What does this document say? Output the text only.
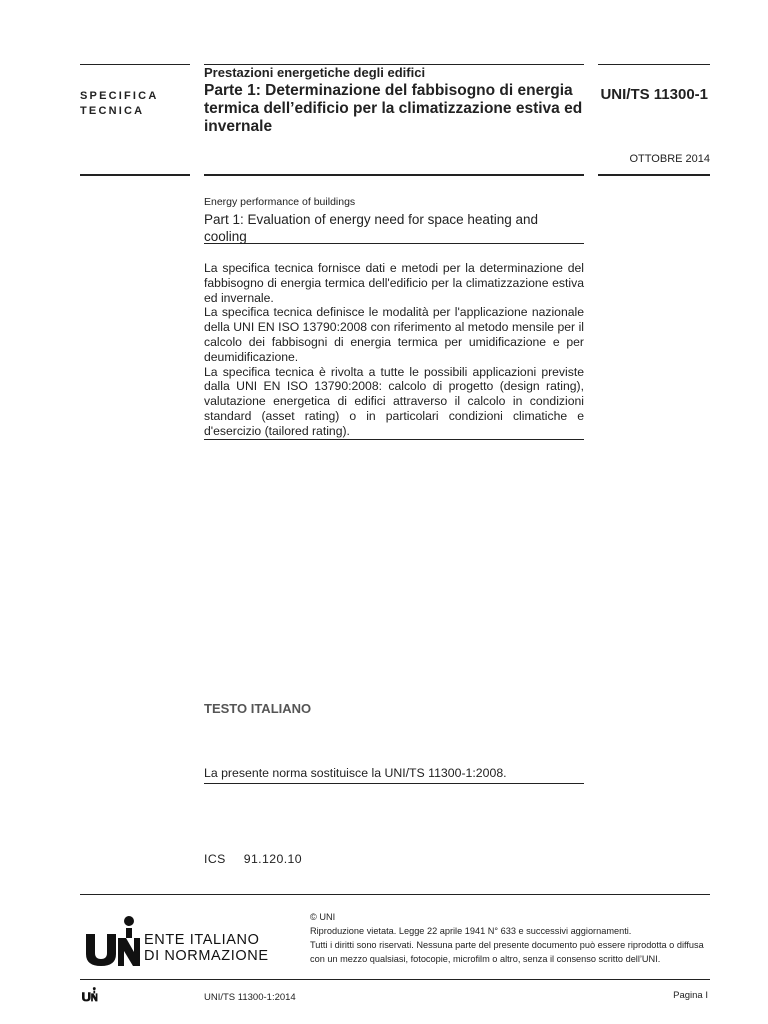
SPECIFICA
TECNICA
Prestazioni energetiche degli edifici
Parte 1: Determinazione del fabbisogno di energia termica dell’edificio per la climatizzazione estiva ed invernale
UNI/TS 11300-1
OTTOBRE 2014
Energy performance of buildings
Part 1: Evaluation of energy need for space heating and cooling

La specifica tecnica fornisce dati e metodi per la determinazione del fabbisogno di energia termica dell'edificio per la climatizzazione estiva ed invernale.

La specifica tecnica definisce le modalità per l'applicazione nazionale della UNI EN ISO 13790:2008 con riferimento al metodo mensile per il calcolo dei fabbisogni di energia termica per umidificazione e per deumidificazione.

La specifica tecnica è rivolta a tutte le possibili applicazioni previste dalla UNI EN ISO 13790:2008: calcolo di progetto (design rating), valutazione energetica di edifici attraverso il calcolo in condizioni standard (asset rating) o in particolari condizioni climatiche e d'esercizio (tailored rating).

TESTO ITALIANO
La presente norma sostituisce la UNI/TS 11300-1:2008.
ICS 91.120.10
ENTE ITALIANO
DI NORMAZIONE
© UNI
Riproduzione vietata. Legge 22 aprile 1941 N° 633 e successivi aggiornamenti.
Tutti i diritti sono riservati. Nessuna parte del presente documento può essere riprodotta o diffusa
con un mezzo qualsiasi, fotocopie, microfilm o altro, senza il consenso scritto dell’UNI.
UNI/TS 11300-1:2014	Pagina I
